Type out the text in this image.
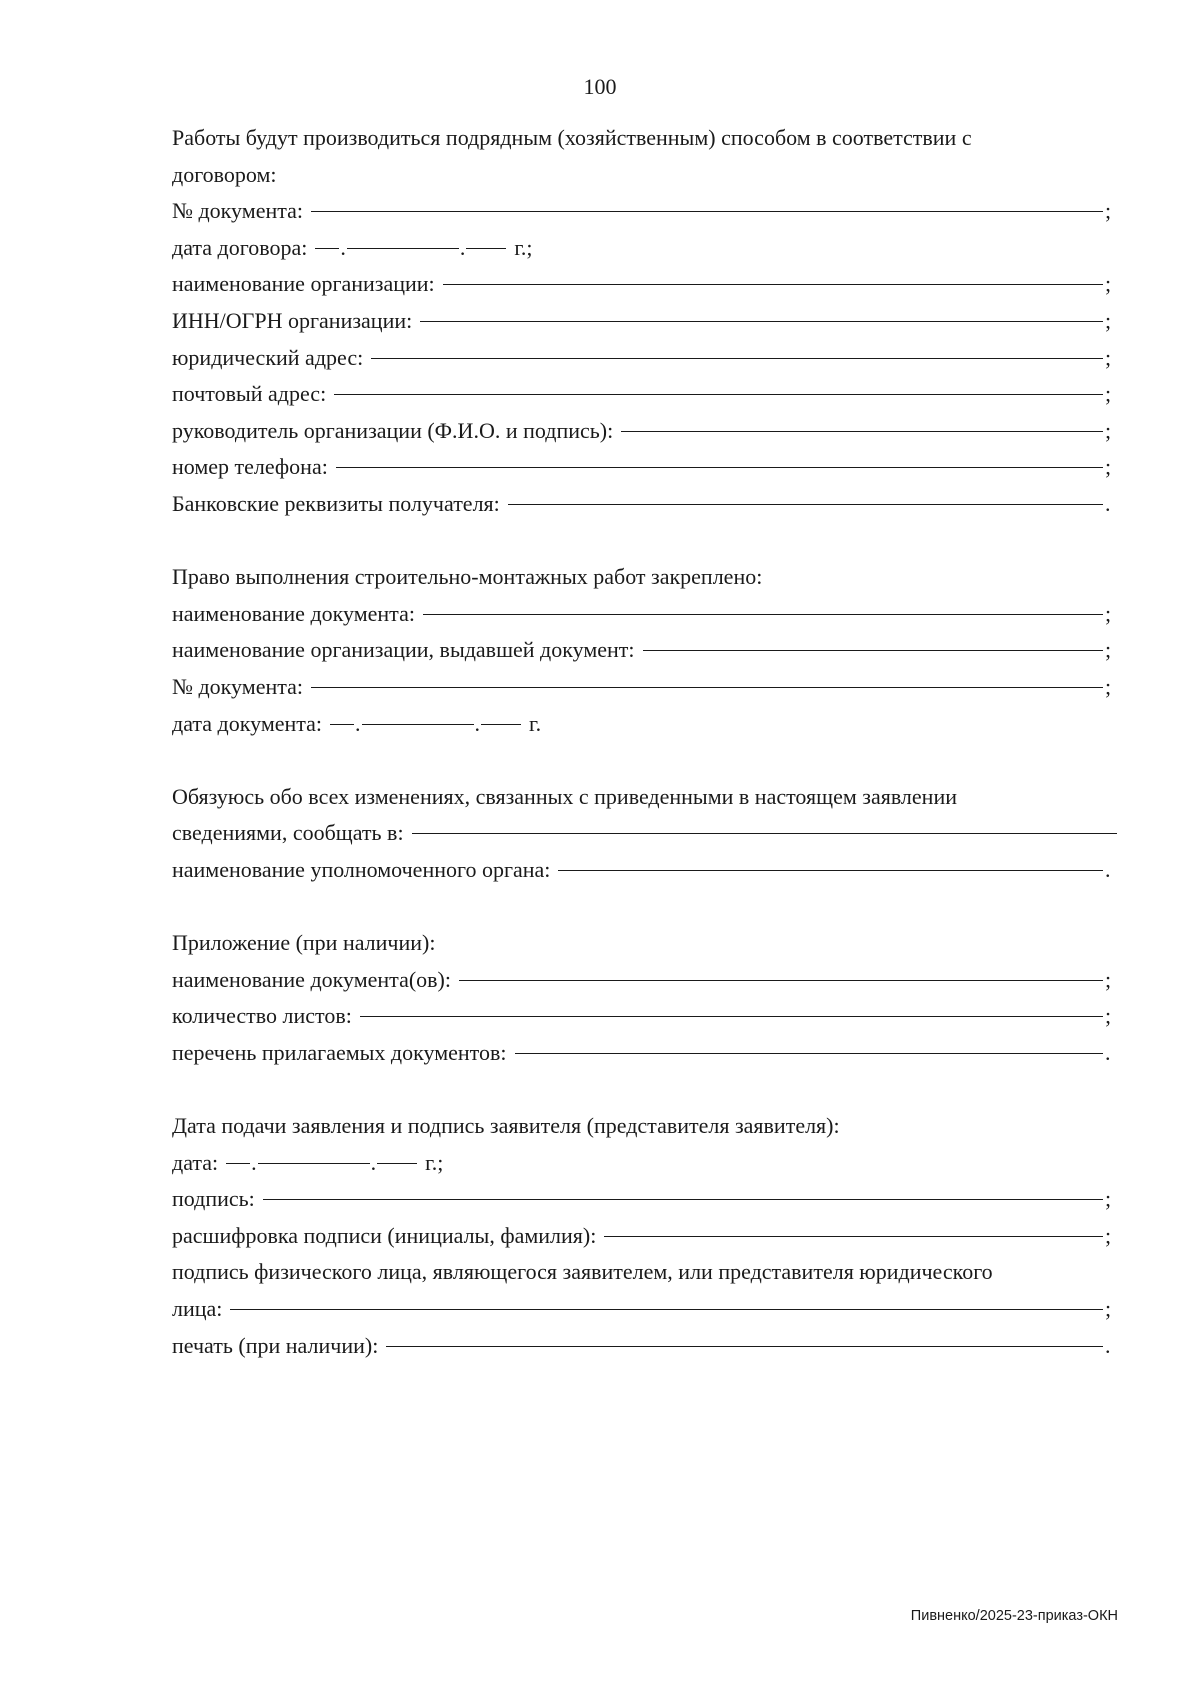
100
Работы будут производиться подрядным (хозяйственным) способом в соответствии с
договором:
№ документа:	;
дата договора: .	.	г.;
наименование организации:	;
ИНН/ОГРН организации:	;
юридический адрес:	;
почтовый адрес:	;
руководитель организации (Ф.И.О. и подпись):	;
номер телефона:	;
Банковские реквизиты получателя:	.
Право выполнения строительно-монтажных работ закреплено:
наименование документа:	;
наименование организации, выдавшей документ:	;
№ документа:	;
дата документа: .	.	г.
Обязуюсь обо всех изменениях, связанных с приведенными в настоящем заявлении
сведениями, сообщать в:
наименование уполномоченного органа:	.
Приложение (при наличии):
наименование документа(ов):	;
количество листов:	;
перечень прилагаемых документов:	.
Дата подачи заявления и подпись заявителя (представителя заявителя):
дата: .	.	г.;
подпись:	;
расшифровка подписи (инициалы, фамилия):	;
подпись физического лица, являющегося заявителем, или представителя юридического
лица:	;
печать (при наличии):	.
Пивненко/2025-23-приказ-ОКН
